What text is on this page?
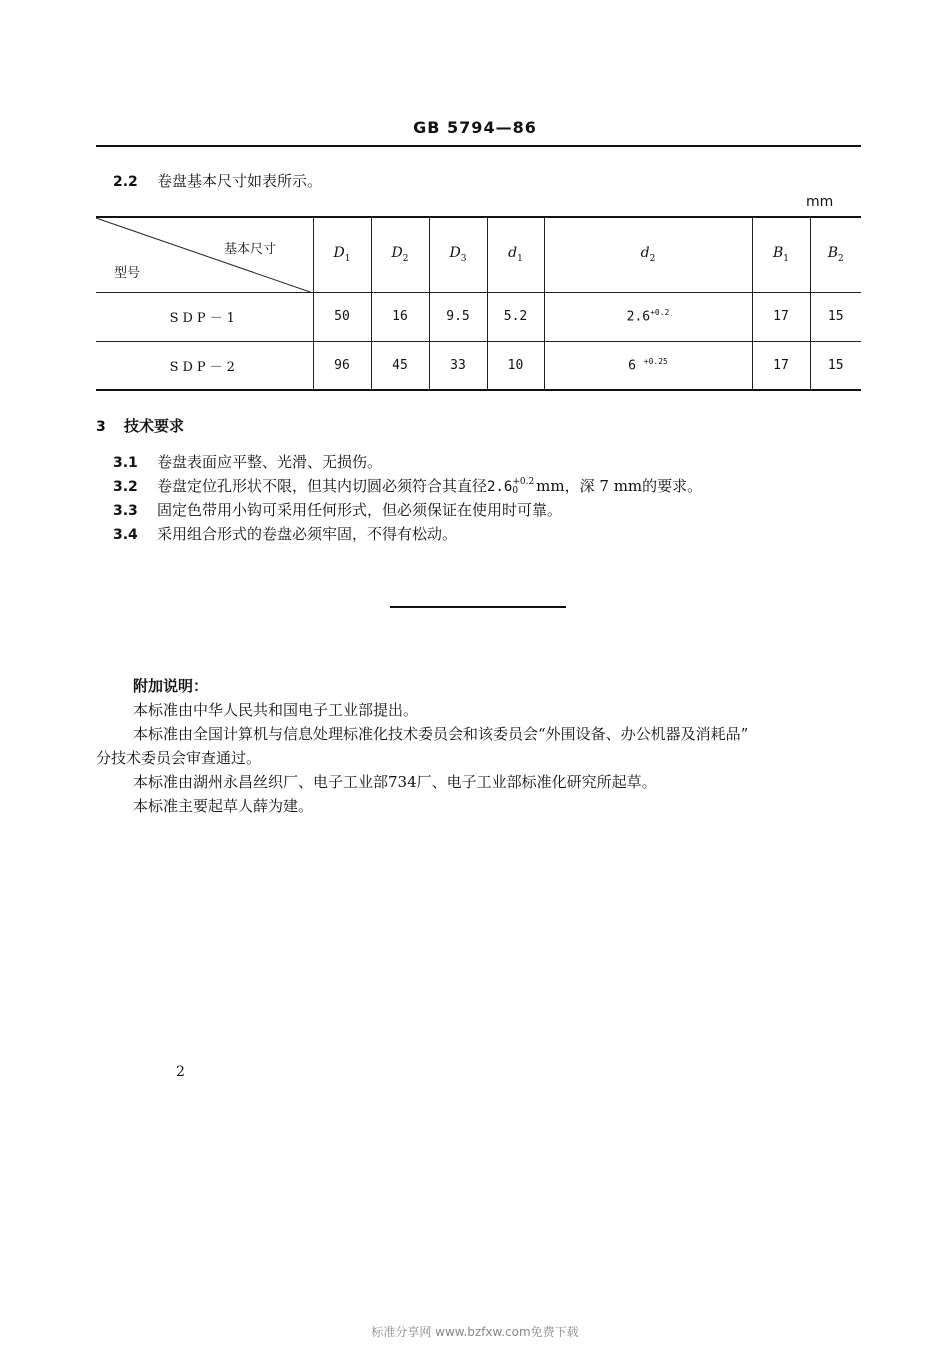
GB 5794—86
2.2 卷盘基本尺寸如表所示。
mm
基本尺寸
型号	$D_1$	$D_2$	$D_3$	$d_1$	$d_2$	$B_1$	$B_2$
SDP－1	50	16	9.5	5.2	$2.6^{+0.2}$	17	15
SDP－2	96	45	33	10	6 $^{+0.25}$	17	15
3 技术要求
3.1 卷盘表面应平整、光滑、无损伤。
3.2 卷盘定位孔形状不限，但其内切圆必须符合其直径2.6+0.2
0 mm，深 7 mm的要求。
3.3 固定色带用小钩可采用任何形式，但必须保证在使用时可靠。
3.4 采用组合形式的卷盘必须牢固，不得有松动。
附加说明：
本标准由中华人民共和国电子工业部提出。
本标准由全国计算机与信息处理标准化技术委员会和该委员会“外围设备、办公机器及消耗品”
分技术委员会审查通过。
本标准由湖州永昌丝织厂、电子工业部734厂、电子工业部标准化研究所起草。
本标准主要起草人薛为建。
2
标准分享网 www.bzfxw.com免费下载
